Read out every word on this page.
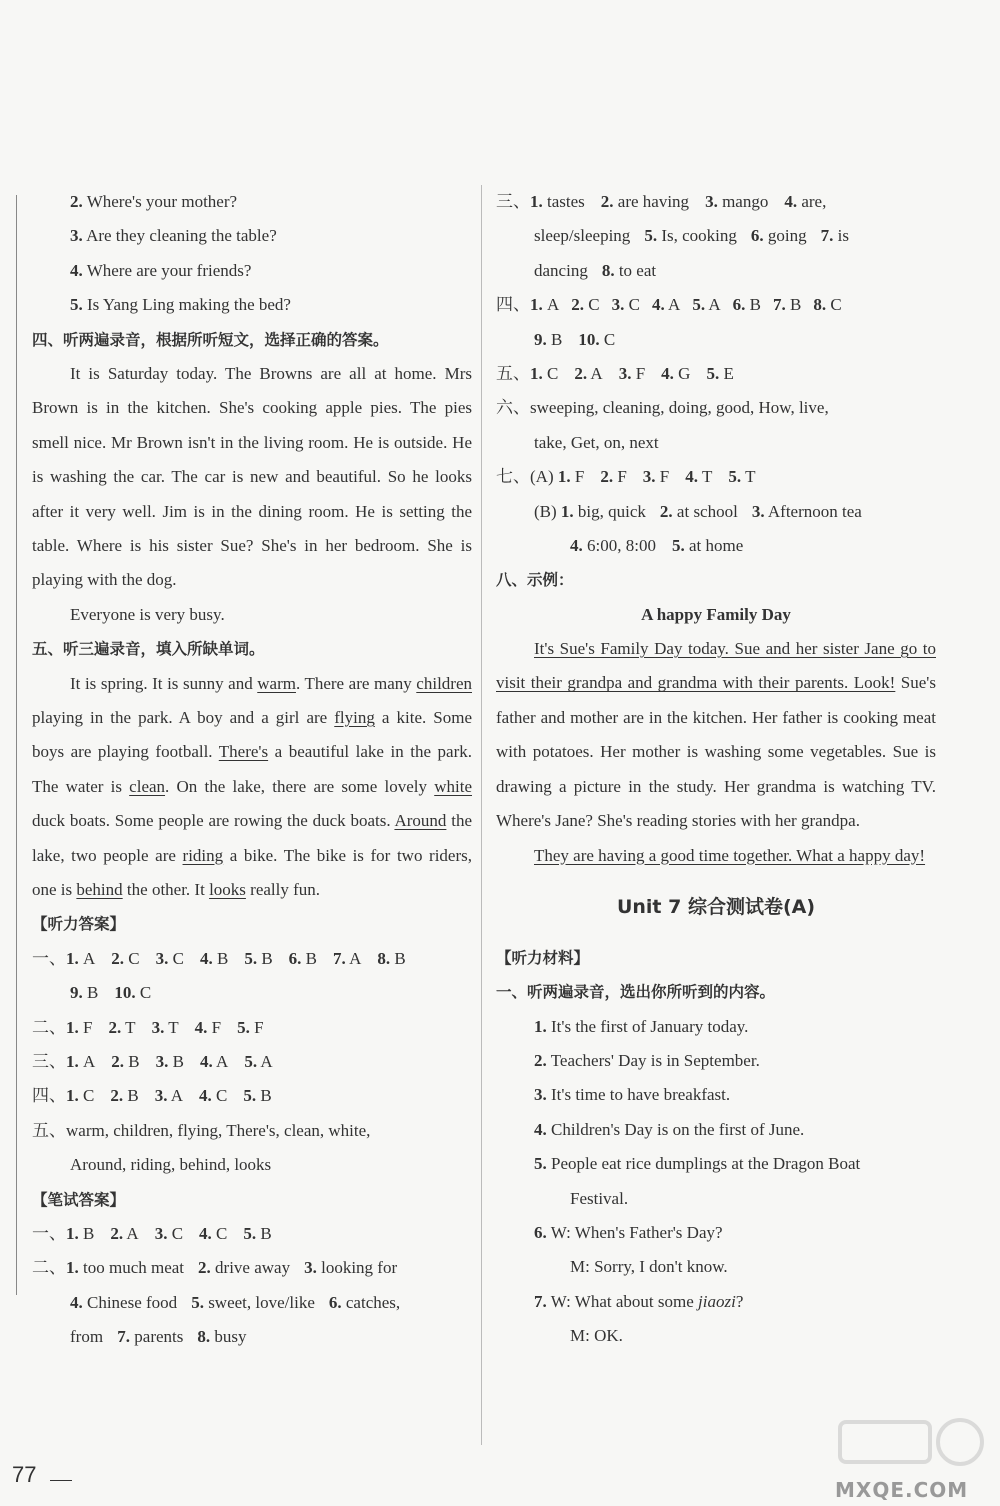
2. Where's your mother?
3. Are they cleaning the table?
4. Where are your friends?
5. Is Yang Ling making the bed?
四、听两遍录音，根据所听短文，选择正确的答案。
It is Saturday today. The Browns are all at home. Mrs Brown is in the kitchen. She's cooking apple pies. The pies smell nice. Mr Brown isn't in the living room. He is outside. He is washing the car. The car is new and beautiful. So he looks after it very well. Jim is in the dining room. He is setting the table. Where is his sister Sue? She's in her bedroom. She is playing with the dog.
Everyone is very busy.
五、听三遍录音，填入所缺单词。
It is spring. It is sunny and warm. There are many children playing in the park. A boy and a girl are flying a kite. Some boys are playing football. There's a beautiful lake in the park. The water is clean. On the lake, there are some lovely white duck boats. Some people are rowing the duck boats. Around the lake, two people are riding a bike. The bike is for two riders, one is behind the other. It looks really fun.
【听力答案】
一、1. A 2. C 3. C 4. B 5. B 6. B 7. A 8. B
9. B 10. C
二、1. F 2. T 3. T 4. F 5. F
三、1. A 2. B 3. B 4. A 5. A
四、1. C 2. B 3. A 4. C 5. B
五、warm, children, flying, There's, clean, white,
Around, riding, behind, looks
【笔试答案】
一、1. B 2. A 3. C 4. C 5. B
二、1. too much meat 2. drive away 3. looking for
4. Chinese food 5. sweet, love/like 6. catches,
from 7. parents 8. busy
三、1. tastes 2. are having 3. mango 4. are,
sleep/sleeping 5. Is, cooking 6. going 7. is
dancing 8. to eat
四、1. A 2. C 3. C 4. A 5. A 6. B 7. B 8. C
9. B 10. C
五、1. C 2. A 3. F 4. G 5. E
六、sweeping, cleaning, doing, good, How, live,
take, Get, on, next
七、(A) 1. F 2. F 3. F 4. T 5. T
(B) 1. big, quick 2. at school 3. Afternoon tea
4. 6:00, 8:00 5. at home
八、示例：
A happy Family Day
It's Sue's Family Day today. Sue and her sister Jane go to visit their grandpa and grandma with their parents. Look! Sue's father and mother are in the kitchen. Her father is cooking meat with potatoes. Her mother is washing some vegetables. Sue is drawing a picture in the study. Her grandma is watching TV. Where's Jane? She's reading stories with her grandpa.
They are having a good time together. What a happy day!
Unit 7 综合测试卷(A)
【听力材料】
一、听两遍录音，选出你所听到的内容。
1. It's the first of January today.
2. Teachers' Day is in September.
3. It's time to have breakfast.
4. Children's Day is on the first of June.
5. People eat rice dumplings at the Dragon Boat
Festival.
6. W: When's Father's Day?
M: Sorry, I don't know.
7. W: What about some jiaozi?
M: OK.
77
MXQE.COM
